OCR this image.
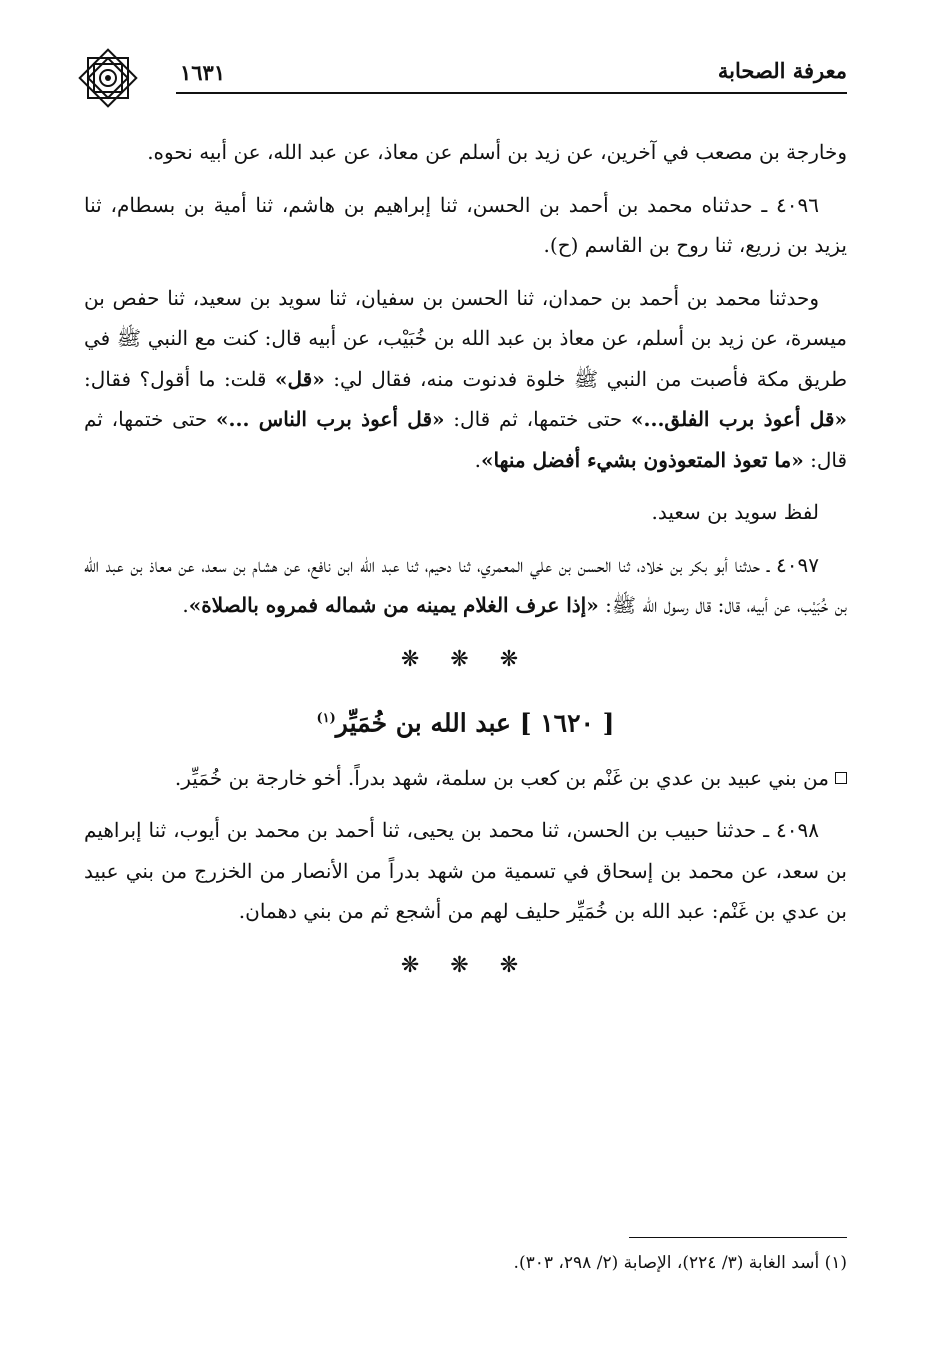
معرفة الصحابة
١٦٣١

وخارجة بن مصعب في آخرين، عن زيد بن أسلم عن معاذ، عن عبد الله، عن أبيه نحوه.

٤٠٩٦ ـ حدثناه محمد بن أحمد بن الحسن، ثنا إبراهيم بن هاشم، ثنا أمية بن بسطام، ثنا يزيد بن زريع، ثنا روح بن القاسم (ح).

وحدثنا محمد بن أحمد بن حمدان، ثنا الحسن بن سفيان، ثنا سويد بن سعيد، ثنا حفص بن ميسرة، عن زيد بن أسلم، عن معاذ بن عبد الله بن خُبَيْب، عن أبيه قال: كنت مع النبي ﷺ في طريق مكة فأصبت من النبي ﷺ خلوة فدنوت منه، فقال لي: «قل» قلت: ما أقول؟ فقال: «قل أعوذ برب الفلق...» حتى ختمها، ثم قال: «قل أعوذ برب الناس ...» حتى ختمها، ثم قال: «ما تعوذ المتعوذون بشيء أفضل منها».

لفظ سويد بن سعيد.

٤٠٩٧ ـ حدثنا أبو بكر بن خلاد، ثنا الحسن بن علي المعمري، ثنا دحيم، ثنا عبد الله ابن نافع، عن هشام بن سعد، عن معاذ بن عبد الله بن خُبَيْب، عن أبيه، قال: قال رسول الله ﷺ: «إذا عرف الغلام يمينه من شماله فمروه بالصلاة».

❋ ❋ ❋
[ ١٦٢٠ ] عبد الله بن خُمَيِّر$^{(١)}$

من بني عبيد بن عدي بن غَنْم بن كعب بن سلمة، شهد بدراً. أخو خارجة بن خُمَيِّر.

٤٠٩٨ ـ حدثنا حبيب بن الحسن، ثنا محمد بن يحيى، ثنا أحمد بن محمد بن أيوب، ثنا إبراهيم بن سعد، عن محمد بن إسحاق في تسمية من شهد بدراً من الأنصار من الخزرج من بني عبيد بن عدي بن غَنْم: عبد الله بن خُمَيِّر حليف لهم من أشجع ثم من بني دهمان.

❋ ❋ ❋
(١) أسد الغابة (٣/ ٢٢٤)، الإصابة (٢/ ٢٩٨، ٣٠٣).
